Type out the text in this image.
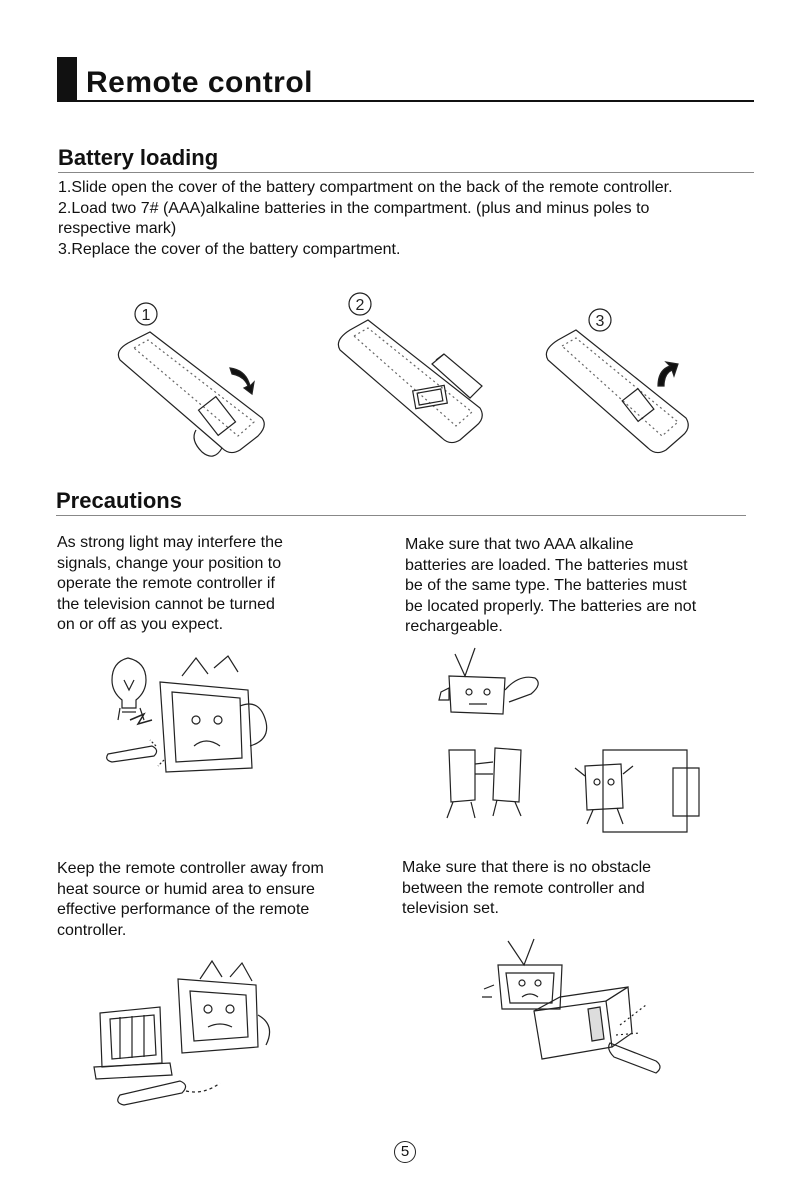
Remote control
Battery loading
1.Slide open the cover of the battery compartment on the back of the remote controller.
2.Load two 7# (AAA)alkaline batteries in the compartment. (plus and minus poles to
respective mark)
3.Replace the cover of the battery compartment.
1
2
3
Precautions
As strong light may interfere the
signals, change your position to
operate the remote controller if
the television cannot be turned
on or off as you expect.
Make sure that two AAA alkaline
batteries are loaded. The batteries must
be of the same type. The batteries must
be located properly. The batteries are not
rechargeable.
Keep the remote controller away from
heat source or humid area to ensure
effective performance of the remote
controller.
Make sure that there is no obstacle
between the remote controller and
television set.
5
